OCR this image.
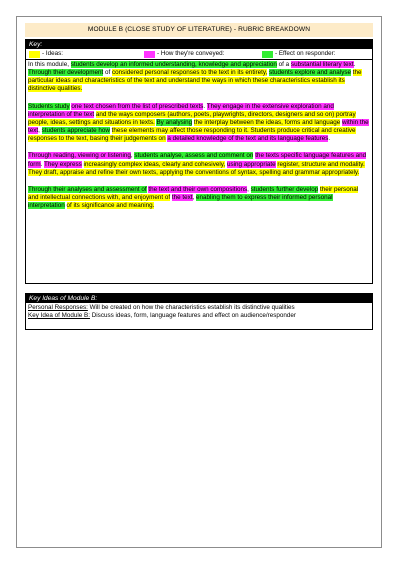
MODULE B (CLOSE STUDY OF LITERATURE) - RUBRIC BREAKDOWN
Key:
- Ideas:	- How they're conveyed:	- Effect on responder:

In this module, students develop an informed understanding, knowledge and appreciation of a substantial literary text. Through their development of considered personal responses to the text in its entirety, students explore and analyse the particular ideas and characteristics of the text and understand the ways in which these characteristics establish its distinctive qualities.

Students study one text chosen from the list of prescribed texts. They engage in the extensive exploration and interpretation of the text and the ways composers (authors, poets, playwrights, directors, designers and so on) portray people, ideas, settings and situations in texts. By analysing the interplay between the ideas, forms and language within the text, students appreciate how these elements may affect those responding to it. Students produce critical and creative responses to the text, basing their judgements on a detailed knowledge of the text and its language features.

Through reading, viewing or listening, students analyse, assess and comment on the texts specific language features and form. They express increasingly complex ideas, clearly and cohesively, using appropriate register, structure and modality. They draft, appraise and refine their own texts, applying the conventions of syntax, spelling and grammar appropriately.

Through their analyses and assessment of the text and their own compositions, students further develop their personal and intellectual connections with, and enjoyment of the text, enabling them to express their informed personal interpretation of its significance and meaning.

Key Ideas of Module B:
Personal Responses: Will be created on how the characteristics establish its distinctive qualities
Key Idea of Module B: Discuss ideas, form, language features and effect on audience/responder
